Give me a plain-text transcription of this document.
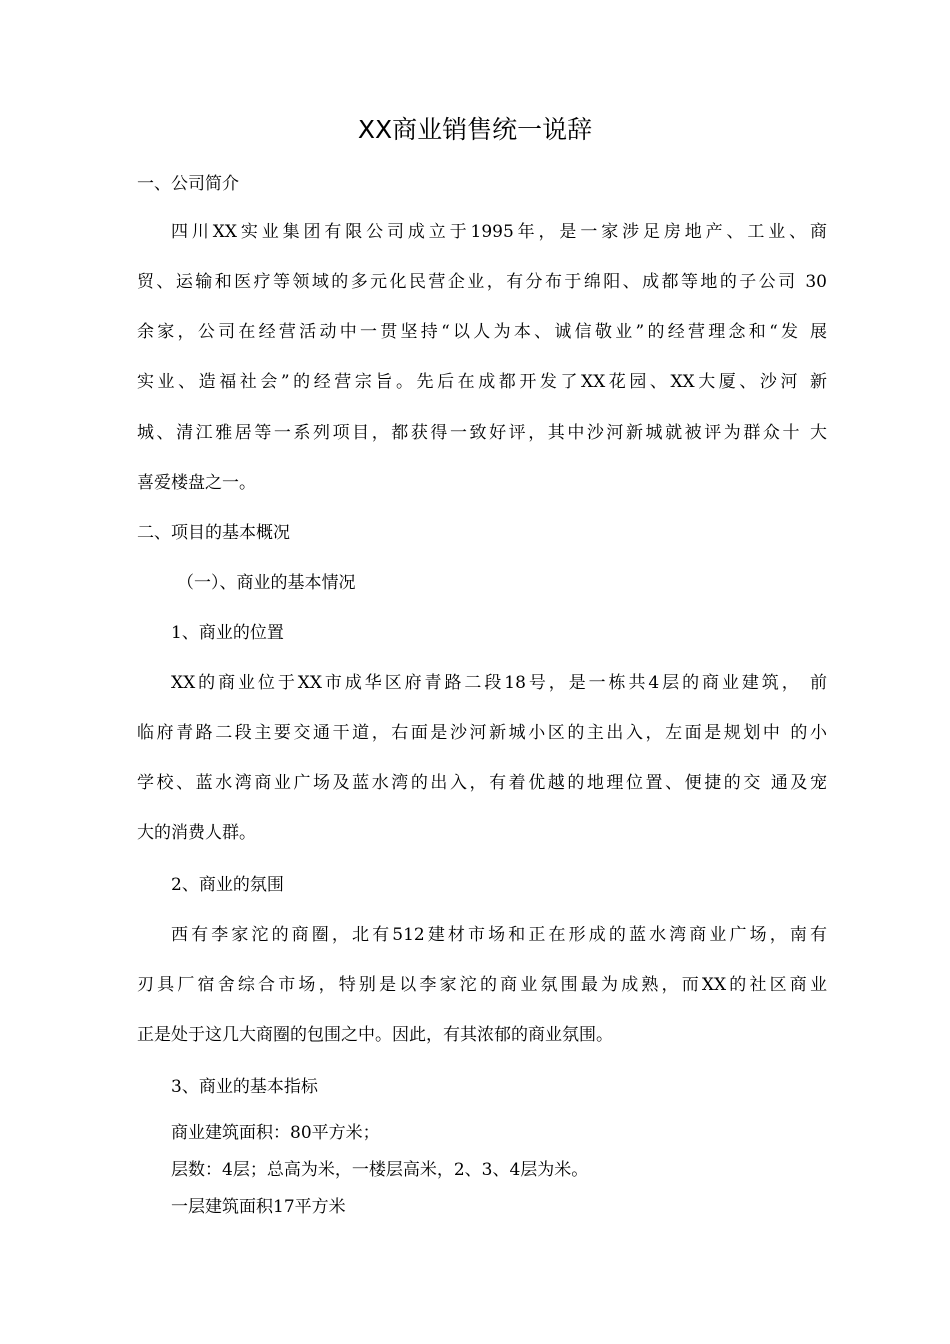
XX商业销售统一说辞

一、公司简介

四川XX实业集团有限公司成立于1995年，是一家涉足房地产、工业、商

贸、运输和医疗等领域的多元化民营企业，有分布于绵阳、成都等地的子公司 30

余家，公司在经营活动中一贯坚持“以人为本、诚信敬业”的经营理念和“发 展

实业、造福社会”的经营宗旨。先后在成都开发了XX花园、XX大厦、沙河 新

城、清江雅居等一系列项目，都获得一致好评，其中沙河新城就被评为群众十 大

喜爱楼盘之一。

二、项目的基本概况

（一）、商业的基本情况

1、商业的位置

XX的商业位于XX市成华区府青路二段18号，是一栋共4层的商业建筑， 前

临府青路二段主要交通干道，右面是沙河新城小区的主出入，左面是规划中 的小

学校、蓝水湾商业广场及蓝水湾的出入，有着优越的地理位置、便捷的交 通及宠

大的消费人群。

2、商业的氛围

西有李家沱的商圈，北有512建材市场和正在形成的蓝水湾商业广场，南有

刃具厂宿舍综合市场，特别是以李家沱的商业氛围最为成熟，而XX的社区商业

正是处于这几大商圈的包围之中。因此，有其浓郁的商业氛围。

3、商业的基本指标

商业建筑面积：80平方米；

层数：4层；总高为米，一楼层高米，2、3、4层为米。

一层建筑面积17平方米
